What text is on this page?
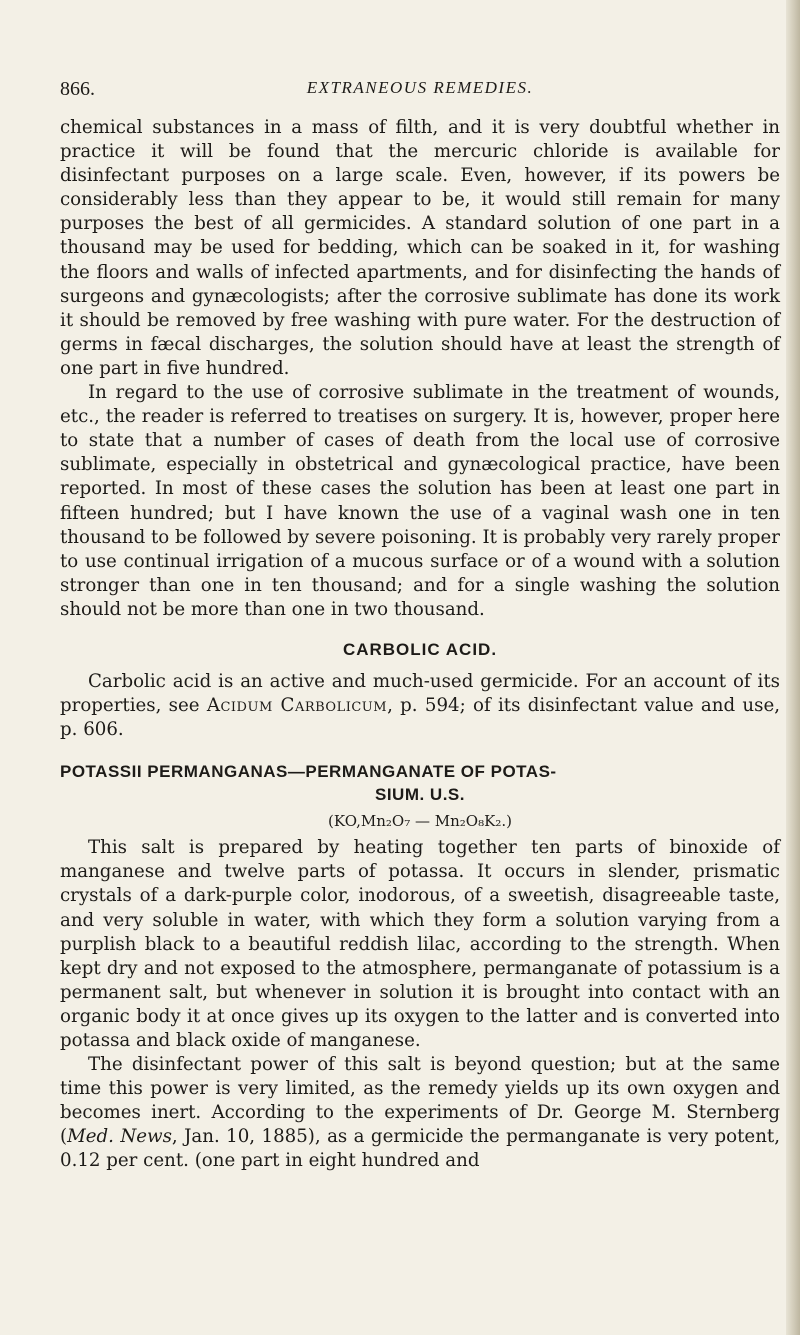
866.	EXTRANEOUS REMEDIES.

chemical substances in a mass of filth, and it is very doubtful whether in practice it will be found that the mercuric chloride is available for disinfectant purposes on a large scale. Even, however, if its powers be considerably less than they appear to be, it would still remain for many purposes the best of all germicides. A standard solution of one part in a thousand may be used for bedding, which can be soaked in it, for washing the floors and walls of infected apartments, and for disinfecting the hands of surgeons and gynæcologists; after the corrosive sublimate has done its work it should be removed by free washing with pure water. For the destruction of germs in fæcal discharges, the solution should have at least the strength of one part in five hundred.

In regard to the use of corrosive sublimate in the treatment of wounds, etc., the reader is referred to treatises on surgery. It is, however, proper here to state that a number of cases of death from the local use of corrosive sublimate, especially in obstetrical and gynæcological practice, have been reported. In most of these cases the solution has been at least one part in fifteen hundred; but I have known the use of a vaginal wash one in ten thousand to be followed by severe poisoning. It is probably very rarely proper to use continual irrigation of a mucous surface or of a wound with a solution stronger than one in ten thousand; and for a single washing the solution should not be more than one in two thousand.

CARBOLIC ACID.

Carbolic acid is an active and much-used germicide. For an account of its properties, see Acidum Carbolicum, p. 594; of its disinfectant value and use, p. 606.

POTASSII PERMANGANAS—PERMANGANATE OF POTAS-
SIUM. U.S.
(KO,Mn₂O₇ — Mn₂O₈K₂.)

This salt is prepared by heating together ten parts of binoxide of manganese and twelve parts of potassa. It occurs in slender, prismatic crystals of a dark-purple color, inodorous, of a sweetish, disagreeable taste, and very soluble in water, with which they form a solution varying from a purplish black to a beautiful reddish lilac, according to the strength. When kept dry and not exposed to the atmosphere, permanganate of potassium is a permanent salt, but whenever in solution it is brought into contact with an organic body it at once gives up its oxygen to the latter and is converted into potassa and black oxide of manganese.

The disinfectant power of this salt is beyond question; but at the same time this power is very limited, as the remedy yields up its own oxygen and becomes inert. According to the experiments of Dr. George M. Sternberg (Med. News, Jan. 10, 1885), as a germicide the permanganate is very potent, 0.12 per cent. (one part in eight hundred and
